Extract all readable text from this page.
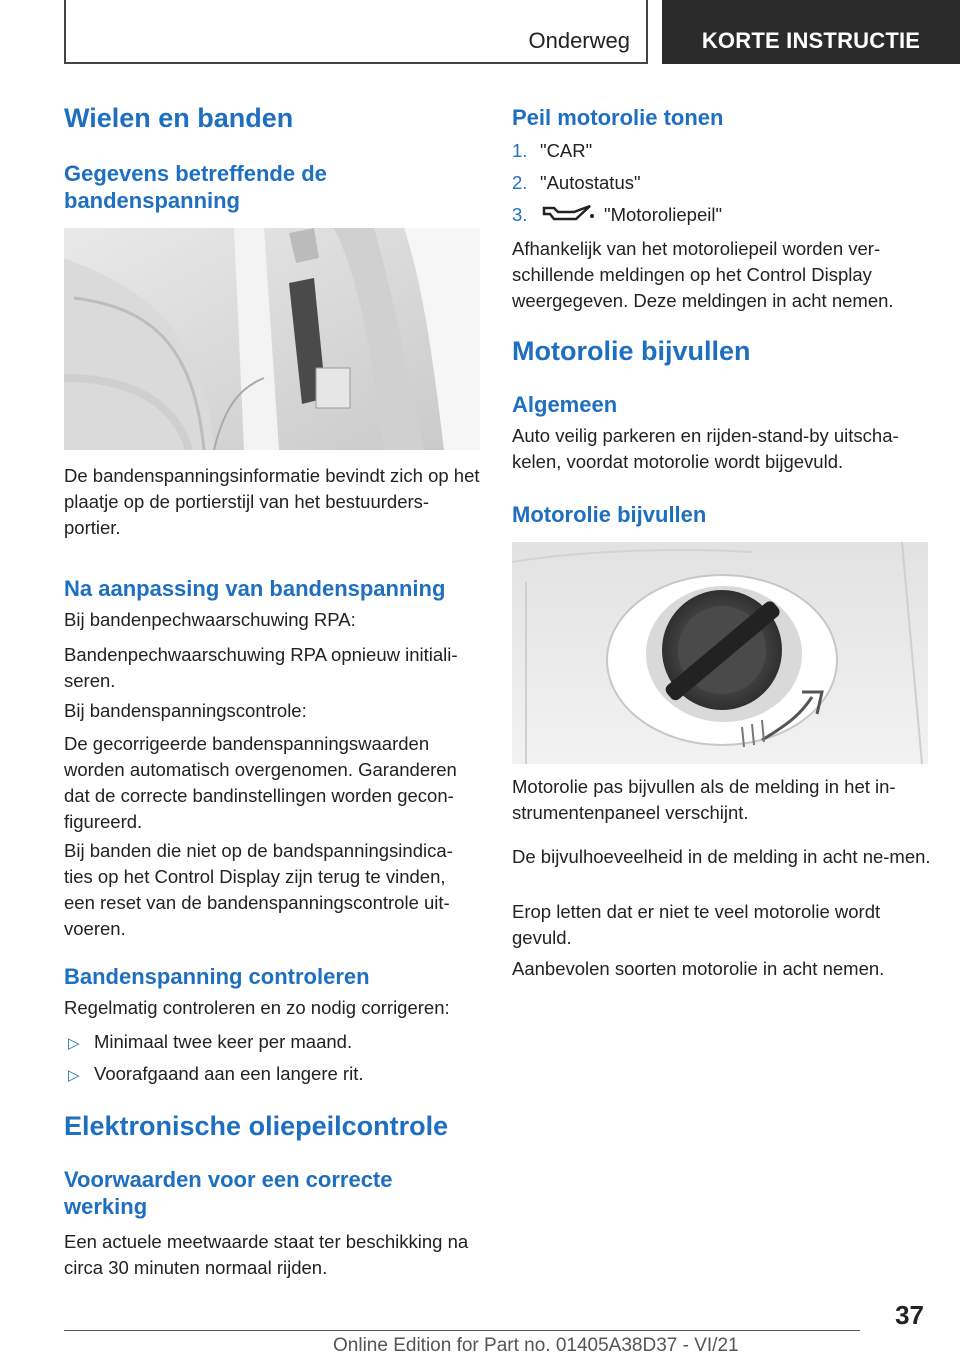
Onderweg	KORTE INSTRUCTIE
Wielen en banden
Gegevens betreffende de bandenspanning

De bandenspanningsinformatie bevindt zich op het plaatje op de portierstijl van het bestuurders-portier.

Na aanpassing van bandenspanning

Bij bandenpechwaarschuwing RPA:

Bandenpechwaarschuwing RPA opnieuw initiali-seren.

Bij bandenspanningscontrole:

De gecorrigeerde bandenspanningswaarden worden automatisch overgenomen. Garanderen dat de correcte bandinstellingen worden gecon-figureerd.

Bij banden die niet op de bandspanningsindica-ties op het Control Display zijn terug te vinden, een reset van de bandenspanningscontrole uit-voeren.

Bandenspanning controleren

Regelmatig controleren en zo nodig corrigeren:

▷ Minimaal twee keer per maand.
▷ Voorafgaand aan een langere rit.
Elektronische oliepeilcontrole
Voorwaarden voor een correcte werking

Een actuele meetwaarde staat ter beschikking na circa 30 minuten normaal rijden.

Peil motorolie tonen
1. "CAR"
2. "Autostatus"
3.	"Motoroliepeil"

Afhankelijk van het motoroliepeil worden ver-schillende meldingen op het Control Display weergegeven. Deze meldingen in acht nemen.

Motorolie bijvullen
Algemeen

Auto veilig parkeren en rijden-stand-by uitscha-kelen, voordat motorolie wordt bijgevuld.

Motorolie bijvullen

Motorolie pas bijvullen als de melding in het in-strumentenpaneel verschijnt.

De bijvulhoeveelheid in de melding in acht ne-men.

Erop letten dat er niet te veel motorolie wordt gevuld.

Aanbevolen soorten motorolie in acht nemen.

37
Online Edition for Part no. 01405A38D37 - VI/21
